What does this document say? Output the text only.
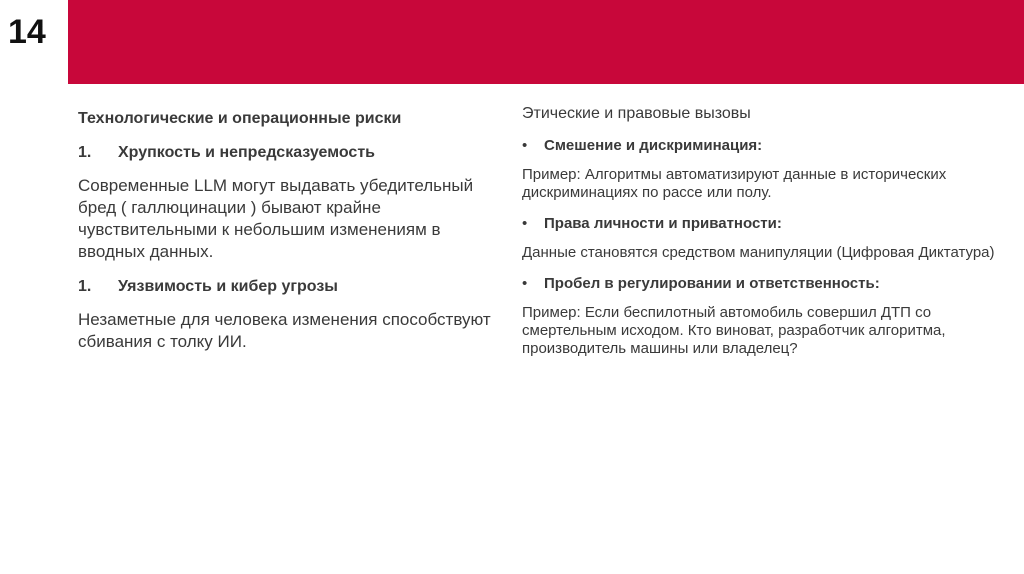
14

Технологические и операционные риски

1.	Хрупкость и непредсказуемость
Современные LLM могут выдавать убедительный бред ( галлюцинации ) бывают крайне чувствительными к небольшим изменениям в вводных данных.
1.	Уязвимость и кибер угрозы
Незаметные для человека изменения способствуют сбивания с толку ИИ.

Этические и правовые вызовы

•	Смешение и дискриминация:
Пример: Алгоритмы автоматизируют данные в исторических дискриминациях по рассе или полу.
•	Права личности и приватности:
Данные становятся средством манипуляции (Цифровая Диктатура)
•	Пробел в регулировании и ответственность:
Пример: Если беспилотный автомобиль совершил ДТП со смертельным исходом. Кто виноват, разработчик алгоритма, производитель машины или владелец?
